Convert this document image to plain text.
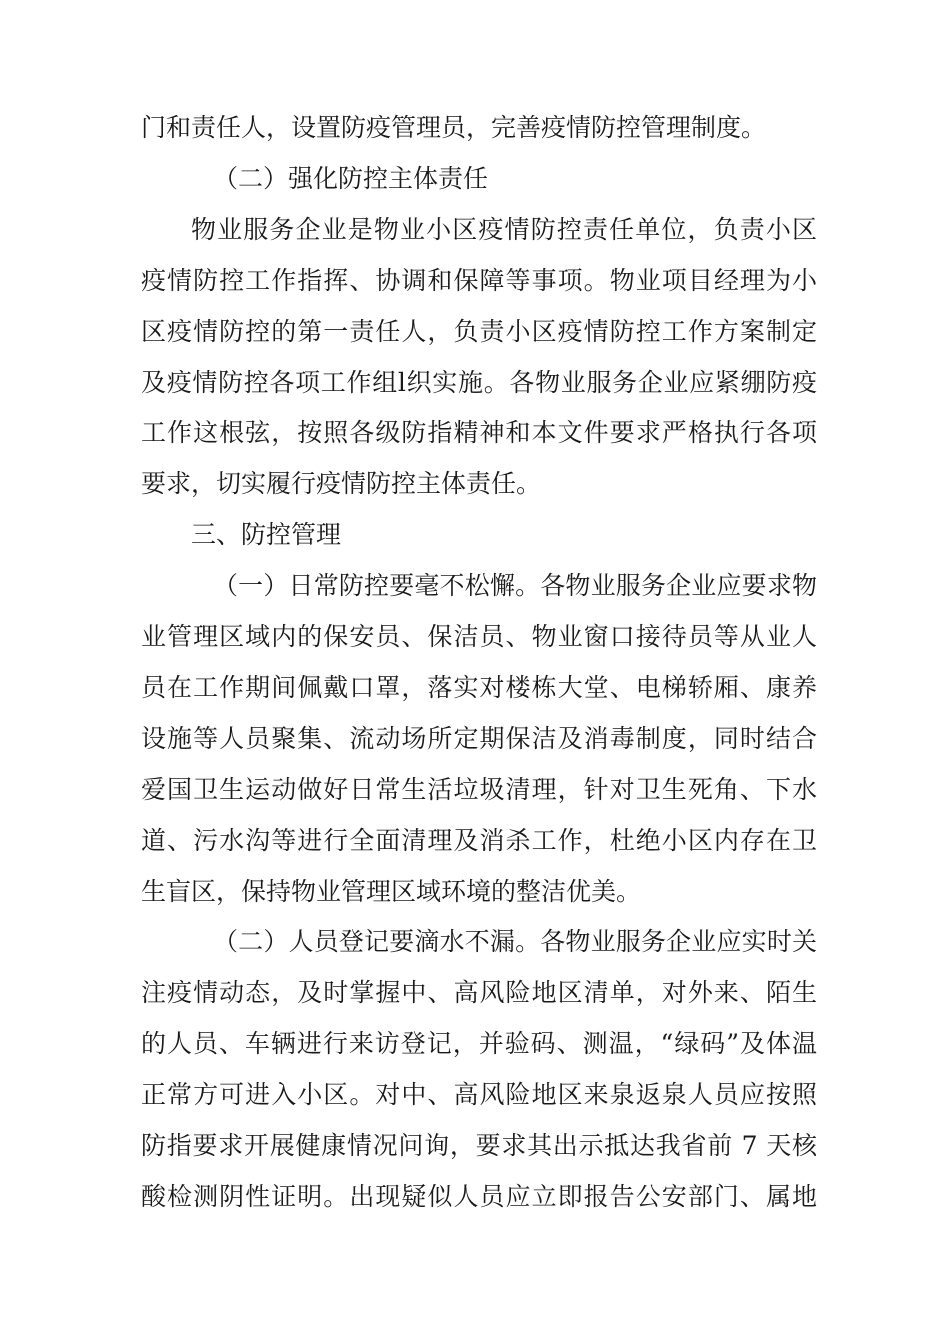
门和责任人，设置防疫管理员，完善疫情防控管理制度。
（二）强化防控主体责任
物业服务企业是物业小区疫情防控责任单位，负责小区
疫情防控工作指挥、协调和保障等事项。物业项目经理为小
区疫情防控的第一责任人，负责小区疫情防控工作方案制定
及疫情防控各项工作组l织实施。各物业服务企业应紧绷防疫
工作这根弦，按照各级防指精神和本文件要求严格执行各项
要求，切实履行疫情防控主体责任。
三、防控管理
（一）日常防控要毫不松懈。各物业服务企业应要求物
业管理区域内的保安员、保洁员、物业窗口接待员等从业人
员在工作期间佩戴口罩，落实对楼栋大堂、电梯轿厢、康养
设施等人员聚集、流动场所定期保洁及消毒制度，同时结合
爱国卫生运动做好日常生活垃圾清理，针对卫生死角、下水
道、污水沟等进行全面清理及消杀工作，杜绝小区内存在卫
生盲区，保持物业管理区域环境的整洁优美。
（二）人员登记要滴水不漏。各物业服务企业应实时关
注疫情动态，及时掌握中、高风险地区清单，对外来、陌生
的人员、车辆进行来访登记，并验码、测温，“绿码”及体温
正常方可进入小区。对中、高风险地区来泉返泉人员应按照
防指要求开展健康情况问询，要求其出示抵达我省前 7 天核
酸检测阴性证明。出现疑似人员应立即报告公安部门、属地
